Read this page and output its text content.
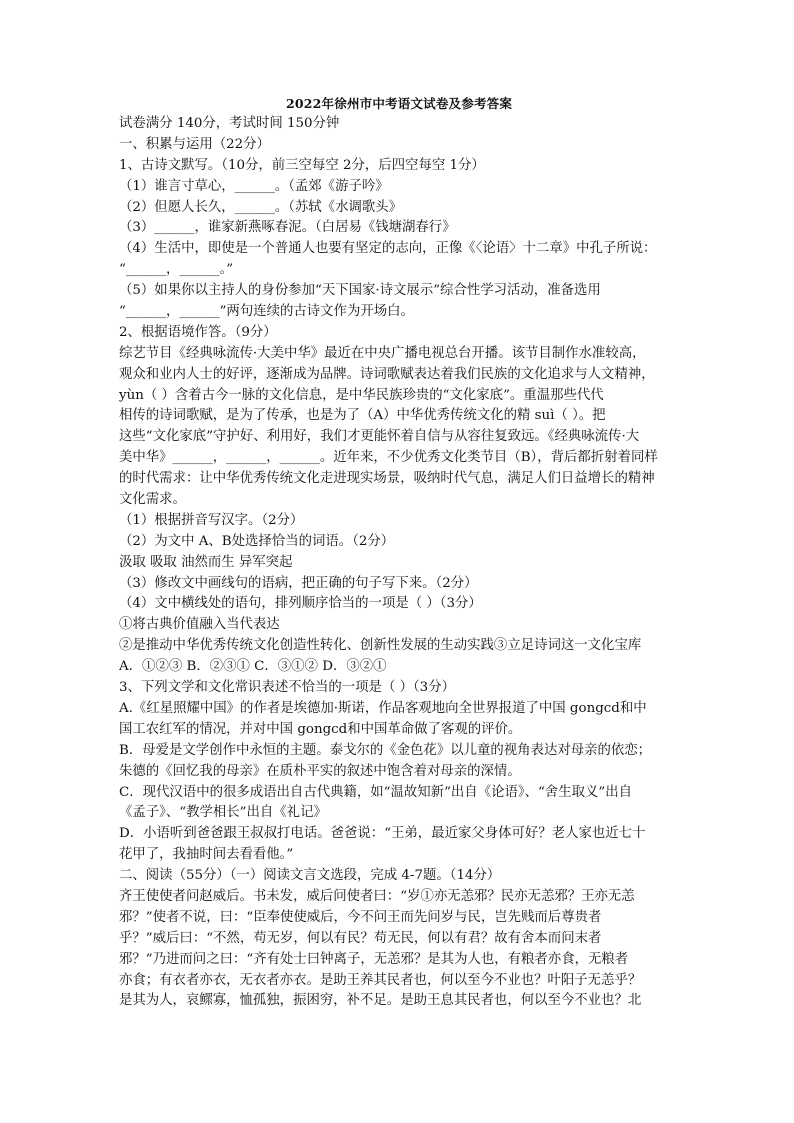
2022年徐州市中考语文试卷及参考答案
试卷满分 140分，考试时间 150分钟
一、积累与运用（22分）
1、古诗文默写。（10分，前三空每空 2分，后四空每空 1分）
（1）谁言寸草心，______。（孟郊《游子吟》
（2）但愿人长久，______。（苏轼《水调歌头》
（3）______，谁家新燕啄春泥。（白居易《钱塘湖春行》
（4）生活中，即使是一个普通人也要有坚定的志向，正像《〈论语〉十二章》中孔子所说：
“______，______。”
（5）如果你以主持人的身份参加“天下国家·诗文展示”综合性学习活动，准备选用
“______，______”两句连续的古诗文作为开场白。
2、根据语境作答。（9分）
综艺节目《经典咏流传·大美中华》最近在中央广播电视总台开播。该节目制作水准较高，
观众和业内人士的好评，逐渐成为品牌。诗词歌赋表达着我们民族的文化追求与人文精神，
yùn（ ）含着古今一脉的文化信息，是中华民族珍贵的“文化家底”。重温那些代代
相传的诗词歌赋，是为了传承，也是为了（A）中华优秀传统文化的精 suì（ ）。把
这些“文化家底”守护好、利用好，我们才更能怀着自信与从容往复致远。《经典咏流传·大
美中华》______，______，______。近年来，不少优秀文化类节目（B），背后都折射着同样
的时代需求：让中华优秀传统文化走进现实场景，吸纳时代气息，满足人们日益增长的精神
文化需求。
（1）根据拼音写汉字。（2分）
（2）为文中 A、B处选择恰当的词语。（2分）
汲取 吸取 油然而生 异军突起
（3）修改文中画线句的语病，把正确的句子写下来。（2分）
（4）文中横线处的语句，排列顺序恰当的一项是（ ）（3分）
①将古典价值融入当代表达
②是推动中华优秀传统文化创造性转化、创新性发展的生动实践③立足诗词这一文化宝库
A．①②③ B．②③① C．③①② D．③②①
3、下列文学和文化常识表述不恰当的一项是（ ）（3分）
A.《红星照耀中国》的作者是埃德加·斯诺，作品客观地向全世界报道了中国 gongcd和中
国工农红军的情况，并对中国 gongcd和中国革命做了客观的评价。
B．母爱是文学创作中永恒的主题。泰戈尔的《金色花》以儿童的视角表达对母亲的依恋；
朱德的《回忆我的母亲》在质朴平实的叙述中饱含着对母亲的深情。
C．现代汉语中的很多成语出自古代典籍，如“温故知新”出自《论语》、“舍生取义”出自
《孟子》、“教学相长”出自《礼记》
D．小语听到爸爸跟王叔叔打电话。爸爸说：“王弟，最近家父身体可好？老人家也近七十
花甲了，我抽时间去看看他。”
二、阅读（55分）（一）阅读文言文选段，完成 4-7题。（14分）
齐王使使者问赵威后。书未发，威后问使者曰：“岁①亦无恙邪？民亦无恙邪？王亦无恙
邪？”使者不说，曰：“臣奉使使威后，今不问王而先问岁与民，岂先贱而后尊贵者
乎？”威后曰：“不然，苟无岁，何以有民？苟无民，何以有君？故有舍本而问末者
邪？”乃进而问之曰：“齐有处士曰钟离子，无恙邪？是其为人也，有粮者亦食，无粮者
亦食；有衣者亦衣，无衣者亦衣。是助王养其民者也，何以至今不业也？叶阳子无恙乎？
是其为人，哀鳏寡，恤孤独，振困穷，补不足。是助王息其民者也，何以至今不业也？北
